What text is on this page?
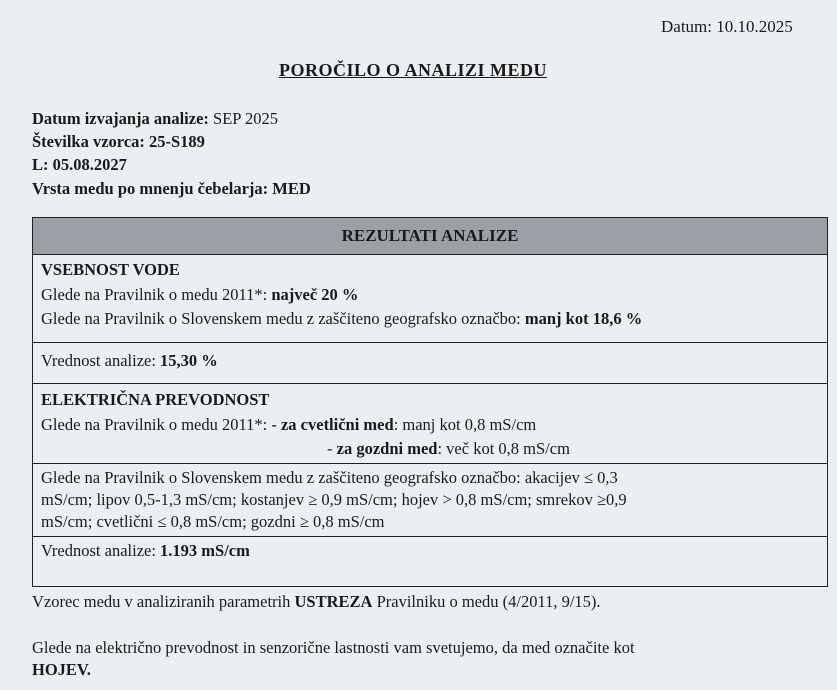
Datum: 10.10.2025
POROČILO O ANALIZI MEDU
Datum izvajanja analize: SEP 2025
Številka vzorca: 25-S189
L: 05.08.2027
Vrsta medu po mnenju čebelarja: MED
REZULTATI ANALIZE
VSEBNOST VODE
Glede na Pravilnik o medu 2011*: največ 20 %
Glede na Pravilnik o Slovenskem medu z zaščiteno geografsko označbo: manj kot 18,6 %
Vrednost analize: 15,30 %
ELEKTRIČNA PREVODNOST
Glede na Pravilnik o medu 2011*: - za cvetlični med: manj kot 0,8 mS/cm
- za gozdni med: več kot 0,8 mS/cm
Glede na Pravilnik o Slovenskem medu z zaščiteno geografsko označbo: akacijev ≤ 0,3
mS/cm; lipov 0,5-1,3 mS/cm; kostanjev ≥ 0,9 mS/cm; hojev > 0,8 mS/cm; smrekov ≥0,9
mS/cm; cvetlični ≤ 0,8 mS/cm; gozdni ≥ 0,8 mS/cm
Vrednost analize: 1.193 mS/cm
Vzorec medu v analiziranih parametrih USTREZA Pravilniku o medu (4/2011, 9/15).
Glede na električno prevodnost in senzorične lastnosti vam svetujemo, da med označite kot
HOJEV.
